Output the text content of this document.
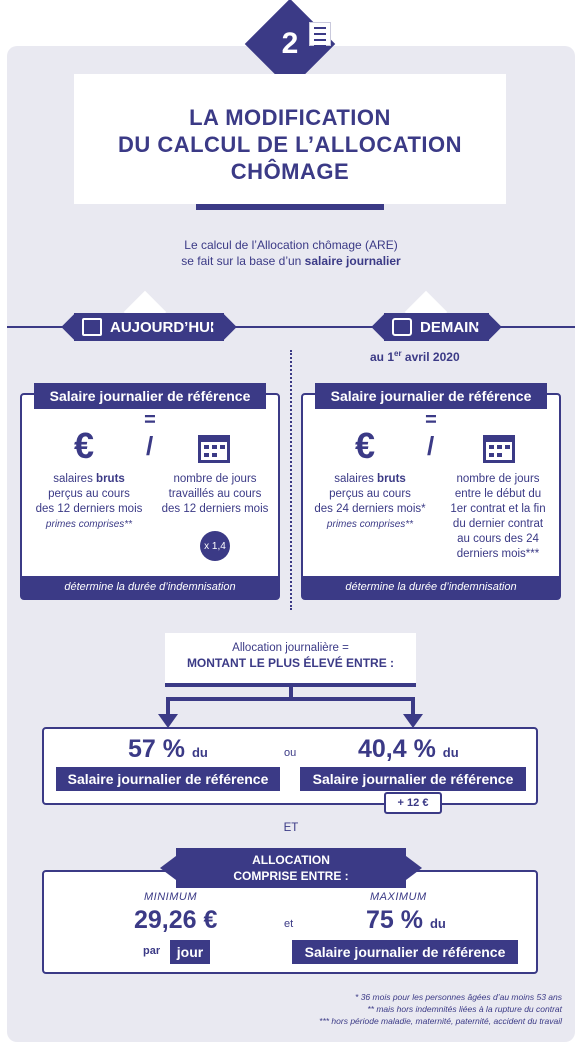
2
LA MODIFICATION
DU CALCUL DE L’ALLOCATION
CHÔMAGE
Le calcul de l’Allocation chômage (ARE)
se fait sur la base d’un salaire journalier
AUJOURD’HUI	DEMAIN
au 1er avril 2020
Salaire journalier de référence
=
€ /
salaires bruts
perçus au cours
des 12 derniers mois
primes comprises**
nombre de jours
travaillés au cours
des 12 derniers mois
x 1,4
détermine la durée d’indemnisation
Salaire journalier de référence
=
€ /
salaires bruts
perçus au cours
des 24 derniers mois*
primes comprises**
nombre de jours
entre le début du
1er contrat et la fin
du dernier contrat
au cours des 24
derniers mois***
détermine la durée d’indemnisation
Allocation journalière =
MONTANT LE PLUS ÉLEVÉ ENTRE :
57 % du
Salaire journalier de référence
ou 40,4 % du
Salaire journalier de référence
+ 12 €
ET
ALLOCATION
COMPRISE ENTRE :
MINIMUM
29,26 €
par	jour
et
MAXIMUM
75 % du
Salaire journalier de référence
* 36 mois pour les personnes âgées d’au moins 53 ans
** mais hors indemnités liées à la rupture du contrat
*** hors période maladie, maternité, paternité, accident du travail
